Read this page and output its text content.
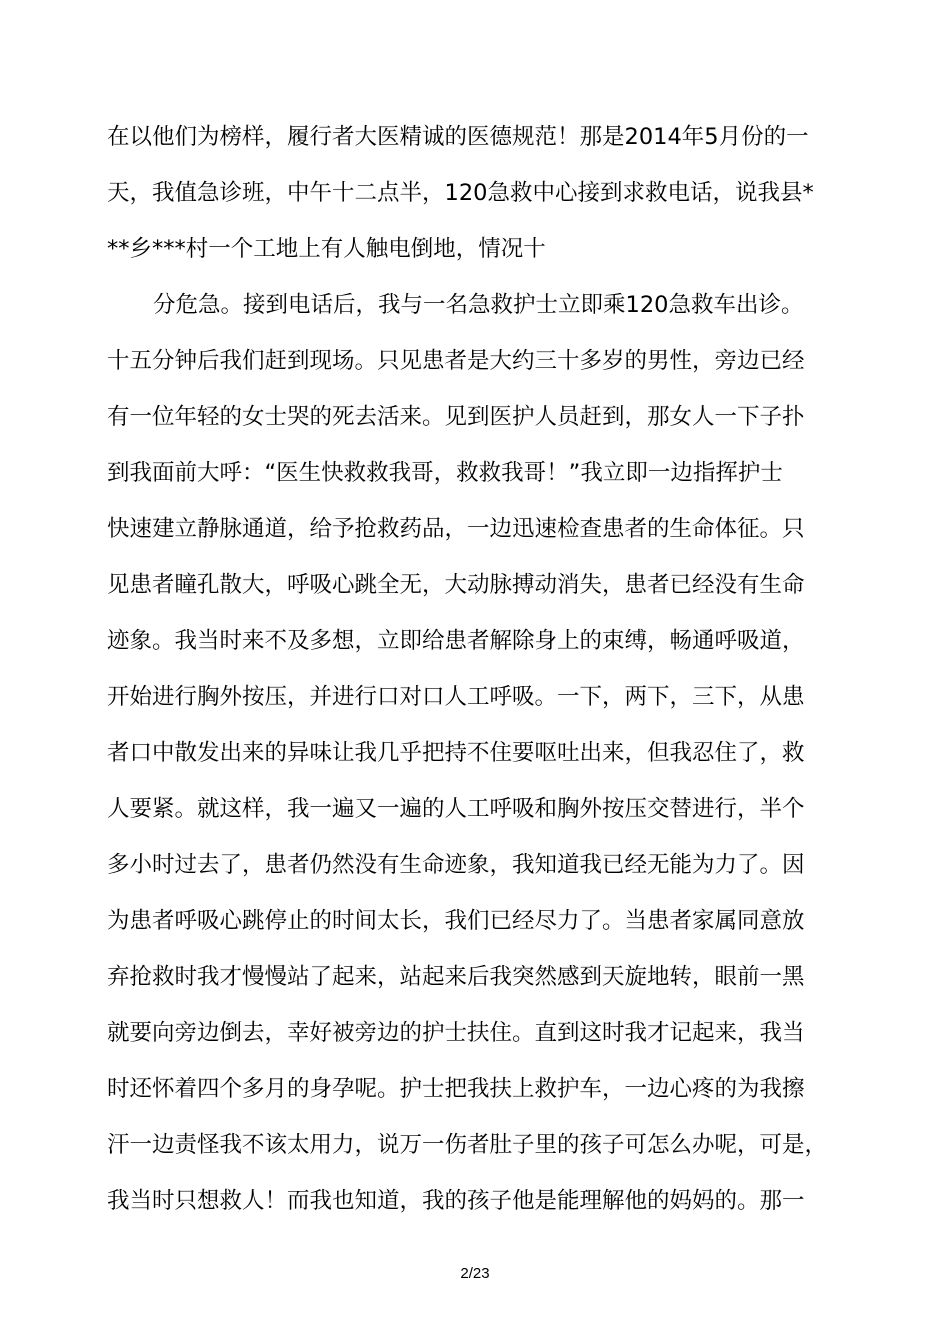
在以他们为榜样，履行者大医精诚的医德规范！那是2014年5月份的一
天，我值急诊班，中午十二点半，120急救中心接到求救电话，说我县*
**乡***村一个工地上有人触电倒地，情况十
分危急。接到电话后，我与一名急救护士立即乘120急救车出诊。
十五分钟后我们赶到现场。只见患者是大约三十多岁的男性，旁边已经
有一位年轻的女士哭的死去活来。见到医护人员赶到，那女人一下子扑
到我面前大呼：“医生快救救我哥，救救我哥！”我立即一边指挥护士
快速建立静脉通道，给予抢救药品，一边迅速检查患者的生命体征。只
见患者瞳孔散大，呼吸心跳全无，大动脉搏动消失，患者已经没有生命
迹象。我当时来不及多想，立即给患者解除身上的束缚，畅通呼吸道，
开始进行胸外按压，并进行口对口人工呼吸。一下，两下，三下，从患
者口中散发出来的异味让我几乎把持不住要呕吐出来，但我忍住了，救
人要紧。就这样，我一遍又一遍的人工呼吸和胸外按压交替进行，半个
多小时过去了，患者仍然没有生命迹象，我知道我已经无能为力了。因
为患者呼吸心跳停止的时间太长，我们已经尽力了。当患者家属同意放
弃抢救时我才慢慢站了起来，站起来后我突然感到天旋地转，眼前一黑
就要向旁边倒去，幸好被旁边的护士扶住。直到这时我才记起来，我当
时还怀着四个多月的身孕呢。护士把我扶上救护车，一边心疼的为我擦
汗一边责怪我不该太用力，说万一伤者肚子里的孩子可怎么办呢，可是，
我当时只想救人！而我也知道，我的孩子他是能理解他的妈妈的。那一
2/23
